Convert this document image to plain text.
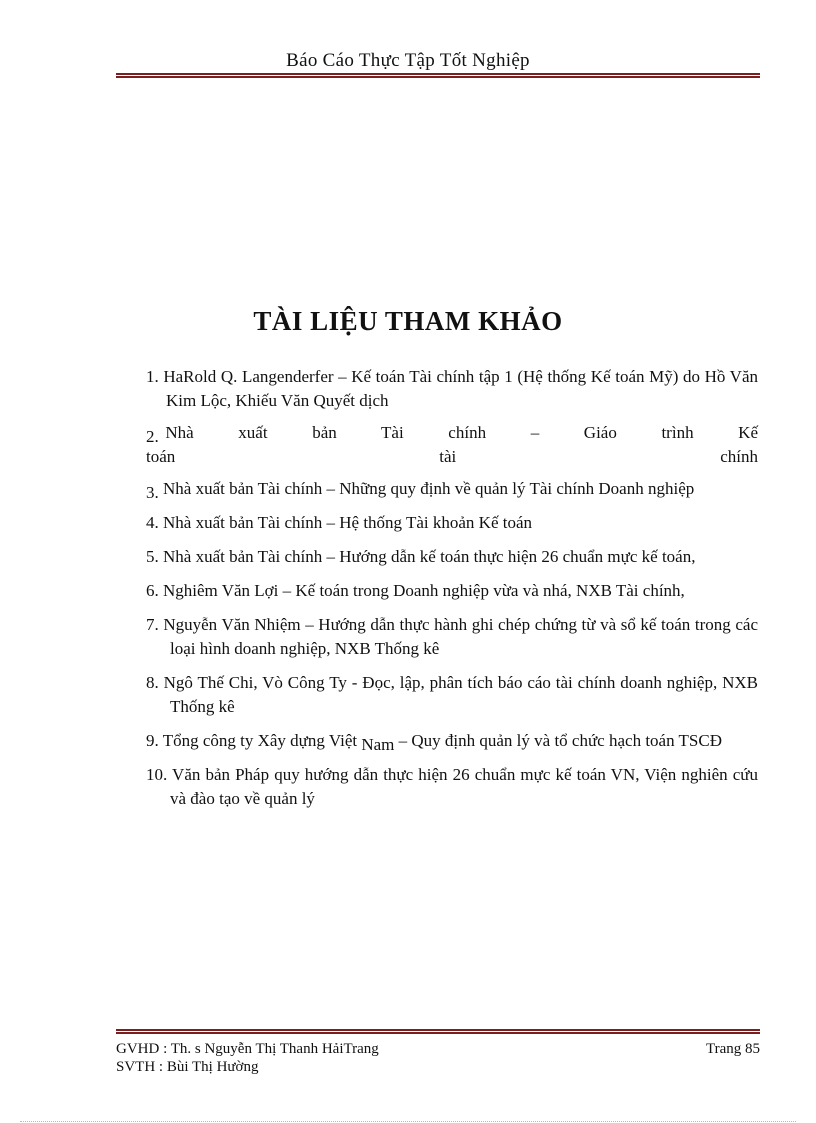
Báo Cáo Thực Tập Tốt Nghiệp
TÀI LIỆU THAM KHẢO
1. HaRold Q. Langenderfer – Kế toán Tài chính tập 1 (Hệ thống Kế toán Mỹ) do Hồ Văn Kim Lộc, Khiếu Văn Quyết dịch
2. Nhà xuất bản Tài chính – Giáo trình Kế toán tài chính
3. Nhà xuất bản Tài chính – Những quy định về quản lý Tài chính Doanh nghiệp
4. Nhà xuất bản Tài chính – Hệ thống Tài khoản Kế toán
5. Nhà xuất bản Tài chính – Hướng dẫn kế toán thực hiện 26 chuẩn mực kế toán,
6. Nghiêm Văn Lợi – Kế toán trong Doanh nghiệp vừa và nhá, NXB Tài chính,
7. Nguyễn Văn Nhiệm – Hướng dẫn thực hành ghi chép chứng từ và sổ kế toán trong các loại hình doanh nghiệp, NXB Thống kê
8. Ngô Thế Chi, Vò Công Ty - Đọc, lập, phân tích báo cáo tài chính doanh nghiệp, NXB Thống kê
9. Tổng công ty Xây dựng Việt Nam – Quy định quản lý và tổ chức hạch toán TSCĐ
10. Văn bản Pháp quy hướng dẫn thực hiện 26 chuẩn mực kế toán VN, Viện nghiên cứu và đào tạo về quản lý
GVHD : Th. s Nguyễn Thị Thanh HảiTrang	Trang 85
SVTH : Bùi Thị Hường
